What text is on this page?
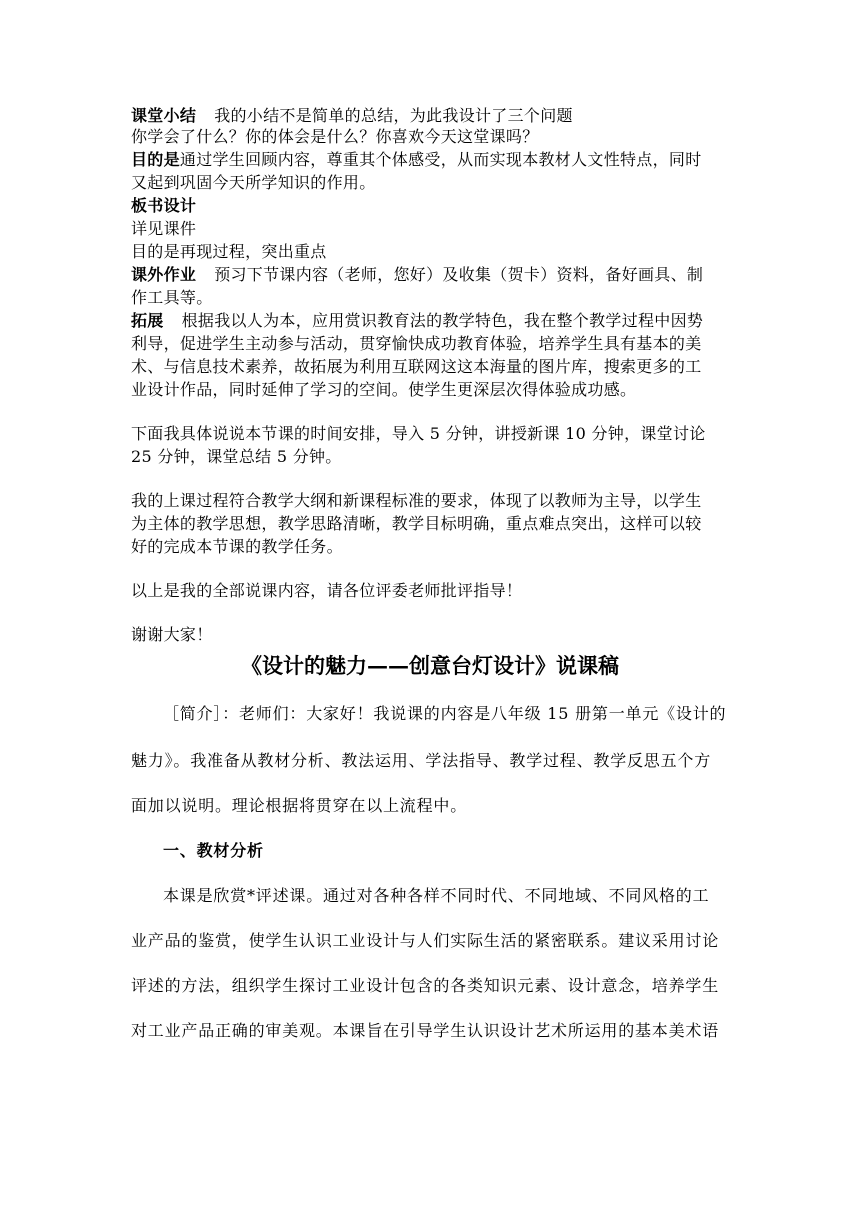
课堂小结 我的小结不是简单的总结，为此我设计了三个问题
你学会了什么？你的体会是什么？你喜欢今天这堂课吗？
目的是通过学生回顾内容，尊重其个体感受，从而实现本教材人文性特点，同时
又起到巩固今天所学知识的作用。
板书设计
详见课件
目的是再现过程，突出重点
课外作业 预习下节课内容（老师，您好）及收集（贺卡）资料，备好画具、制
作工具等。
拓展 根据我以人为本，应用赏识教育法的教学特色，我在整个教学过程中因势
利导，促进学生主动参与活动，贯穿愉快成功教育体验，培养学生具有基本的美
术、与信息技术素养，故拓展为利用互联网这这本海量的图片库，搜索更多的工
业设计作品，同时延伸了学习的空间。使学生更深层次得体验成功感。
下面我具体说说本节课的时间安排，导入 5 分钟，讲授新课 10 分钟，课堂讨论
25 分钟，课堂总结 5 分钟。
我的上课过程符合教学大纲和新课程标准的要求，体现了以教师为主导，以学生
为主体的教学思想，教学思路清晰，教学目标明确，重点难点突出，这样可以较
好的完成本节课的教学任务。
以上是我的全部说课内容，请各位评委老师批评指导！
谢谢大家！
《设计的魅力——创意台灯设计》说课稿
［简介］：老师们：大家好！我说课的内容是八年级 15 册第一单元《设计的
魅力》。我准备从教材分析、教法运用、学法指导、教学过程、教学反思五个方
面加以说明。理论根据将贯穿在以上流程中。
一、教材分析
本课是欣赏*评述课。通过对各种各样不同时代、不同地域、不同风格的工
业产品的鉴赏，使学生认识工业设计与人们实际生活的紧密联系。建议采用讨论
评述的方法，组织学生探讨工业设计包含的各类知识元素、设计意念，培养学生
对工业产品正确的审美观。本课旨在引导学生认识设计艺术所运用的基本美术语
